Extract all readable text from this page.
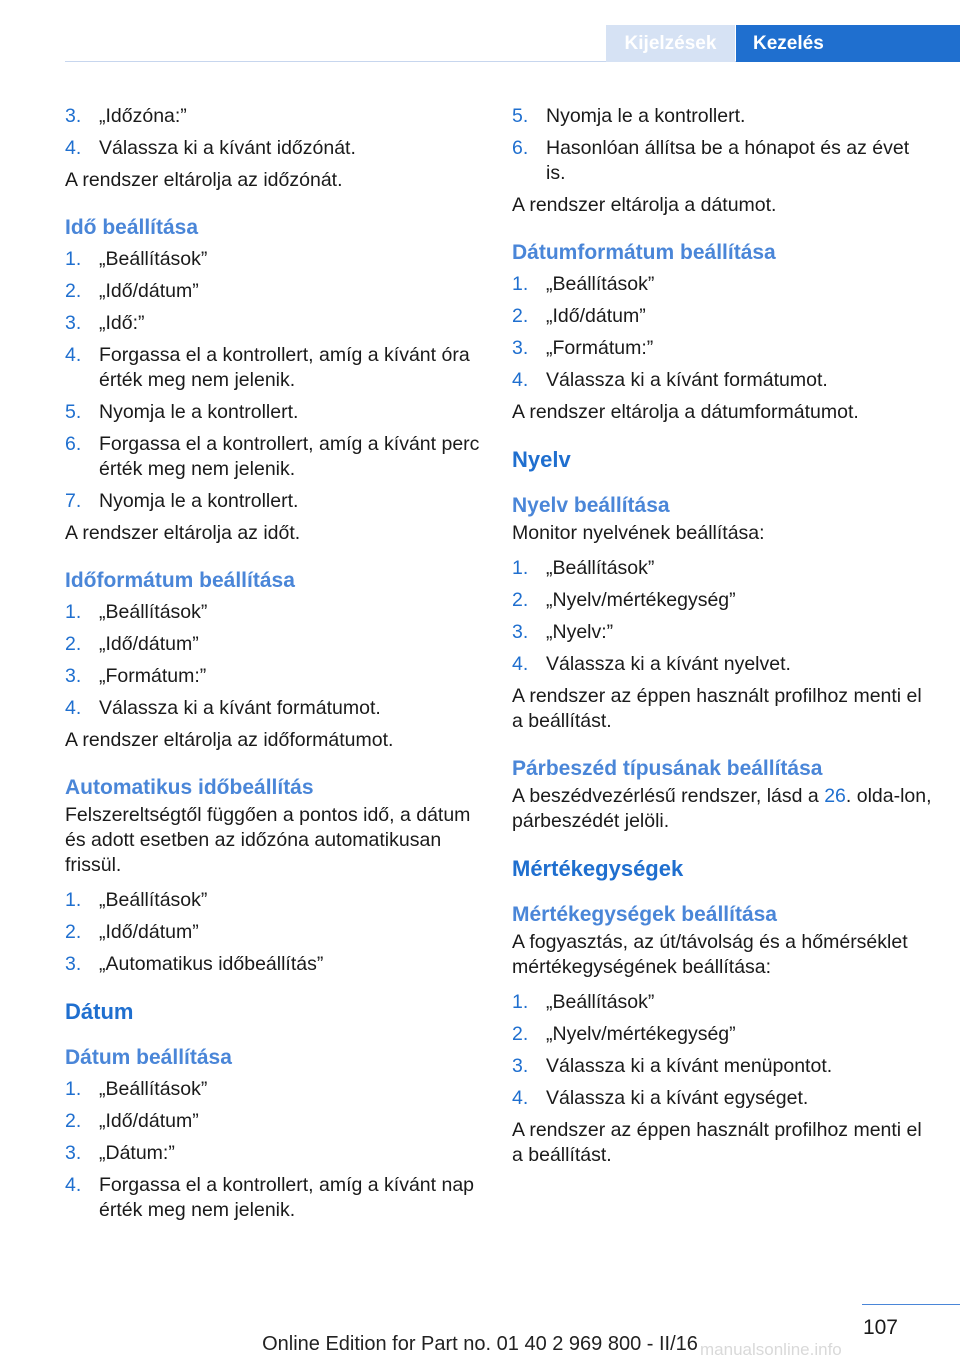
Kijelzések	Kezelés
3. „Időzóna:”
4. Válassza ki a kívánt időzónát.
A rendszer eltárolja az időzónát.
Idő beállítása
1. „Beállítások”
2. „Idő/dátum”
3. „Idő:”
4. Forgassa el a kontrollert, amíg a kívánt óra érték meg nem jelenik.
5. Nyomja le a kontrollert.
6. Forgassa el a kontrollert, amíg a kívánt perc érték meg nem jelenik.
7. Nyomja le a kontrollert.
A rendszer eltárolja az időt.
Időformátum beállítása
1. „Beállítások”
2. „Idő/dátum”
3. „Formátum:”
4. Válassza ki a kívánt formátumot.
A rendszer eltárolja az időformátumot.
Automatikus időbeállítás
Felszereltségtől függően a pontos idő, a dátum és adott esetben az időzóna automatikusan frissül.
1. „Beállítások”
2. „Idő/dátum”
3. „Automatikus időbeállítás”
Dátum
Dátum beállítása
1. „Beállítások”
2. „Idő/dátum”
3. „Dátum:”
4. Forgassa el a kontrollert, amíg a kívánt nap érték meg nem jelenik.
5. Nyomja le a kontrollert.
6. Hasonlóan állítsa be a hónapot és az évet is.
A rendszer eltárolja a dátumot.
Dátumformátum beállítása
1. „Beállítások”
2. „Idő/dátum”
3. „Formátum:”
4. Válassza ki a kívánt formátumot.
A rendszer eltárolja a dátumformátumot.
Nyelv
Nyelv beállítása
Monitor nyelvének beállítása:
1. „Beállítások”
2. „Nyelv/mértékegység”
3. „Nyelv:”
4. Válassza ki a kívánt nyelvet.
A rendszer az éppen használt profilhoz menti el a beállítást.
Párbeszéd típusának beállítása
A beszédvezérlésű rendszer, lásd a 26. olda-lon, párbeszédét jelöli.
Mértékegységek
Mértékegységek beállítása
A fogyasztás, az út/távolság és a hőmérséklet mértékegységének beállítása:
1. „Beállítások”
2. „Nyelv/mértékegység”
3. Válassza ki a kívánt menüpontot.
4. Válassza ki a kívánt egységet.
A rendszer az éppen használt profilhoz menti el a beállítást.
107
Online Edition for Part no. 01 40 2 969 800 - II/16 manualsonline.info
